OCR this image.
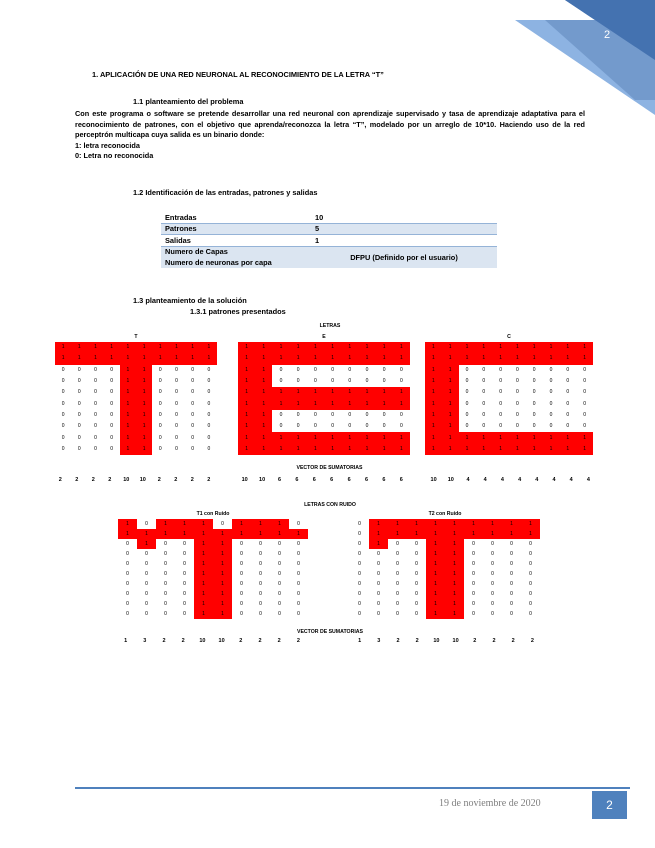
2
1. APLICACIÓN DE UNA RED NEURONAL AL RECONOCIMIENTO DE LA LETRA “T”
1.1 planteamiento del problema
Con este programa o software se pretende desarrollar una red neuronal con aprendizaje supervisado y tasa de aprendizaje adaptativa para el reconocimiento de patrones, con el objetivo que aprenda/reconozca la letra “T”, modelado por un arreglo de 10*10. Haciendo uso de la red perceptrón multicapa cuya salida es un binario donde:
1: letra reconocida
0: Letra no reconocida
1.2 Identificación de las entradas, patrones y salidas
Entradas	10
Patrones	5
Salidas	1
Numero de Capas	DFPU (Definido por el usuario)
Numero de neuronas por capa	
1.3 planteamiento de la solución
1.3.1 patrones presentados
LETRAS
T
1	1	1	1	1	1	1	1	1	1
1	1	1	1	1	1	1	1	1	1
0	0	0	0	1	1	0	0	0	0
0	0	0	0	1	1	0	0	0	0
0	0	0	0	1	1	0	0	0	0
0	0	0	0	1	1	0	0	0	0
0	0	0	0	1	1	0	0	0	0
0	0	0	0	1	1	0	0	0	0
0	0	0	0	1	1	0	0	0	0
0	0	0	0	1	1	0	0	0	0
E
1	1	1	1	1	1	1	1	1	1
1	1	1	1	1	1	1	1	1	1
1	1	0	0	0	0	0	0	0	0
1	1	0	0	0	0	0	0	0	0
1	1	1	1	1	1	1	1	1	1
1	1	1	1	1	1	1	1	1	1
1	1	0	0	0	0	0	0	0	0
1	1	0	0	0	0	0	0	0	0
1	1	1	1	1	1	1	1	1	1
1	1	1	1	1	1	1	1	1	1
C
1	1	1	1	1	1	1	1	1	1
1	1	1	1	1	1	1	1	1	1
1	1	0	0	0	0	0	0	0	0
1	1	0	0	0	0	0	0	0	0
1	1	0	0	0	0	0	0	0	0
1	1	0	0	0	0	0	0	0	0
1	1	0	0	0	0	0	0	0	0
1	1	0	0	0	0	0	0	0	0
1	1	1	1	1	1	1	1	1	1
1	1	1	1	1	1	1	1	1	1
VECTOR DE SUMATORIAS
2	2	2	2	10	10	2	2	2	2	10	10	6	6	6	6	6	6	6	6	10	10	4	4	4	4	4	4	4	4
LETRAS CON RUIDO
T1 con Ruido
1	0	1	1	1	0	1	1	1	0
1	1	1	1	1	1	1	1	1	1
0	1	0	0	1	1	0	0	0	0
0	0	0	0	1	1	0	0	0	0
0	0	0	0	1	1	0	0	0	0
0	0	0	0	1	1	0	0	0	0
0	0	0	0	1	1	0	0	0	0
0	0	0	0	1	1	0	0	0	0
0	0	0	0	1	1	0	0	0	0
0	0	0	0	1	1	0	0	0	0
T2 con Ruido
0	1	1	1	1	1	1	1	1	1
0	1	1	1	1	1	1	1	1	1
0	1	0	0	1	1	0	0	0	0
0	0	0	0	1	1	0	0	0	0
0	0	0	0	1	1	0	0	0	0
0	0	0	0	1	1	0	0	0	0
0	0	0	0	1	1	0	0	0	0
0	0	0	0	1	1	0	0	0	0
0	0	0	0	1	1	0	0	0	0
0	0	0	0	1	1	0	0	0	0
VECTOR DE SUMATORIAS
1	3	2	2	10	10	2	2	2	2	1	3	2	2	10	10	2	2	2	2
19 de noviembre de 2020	2
